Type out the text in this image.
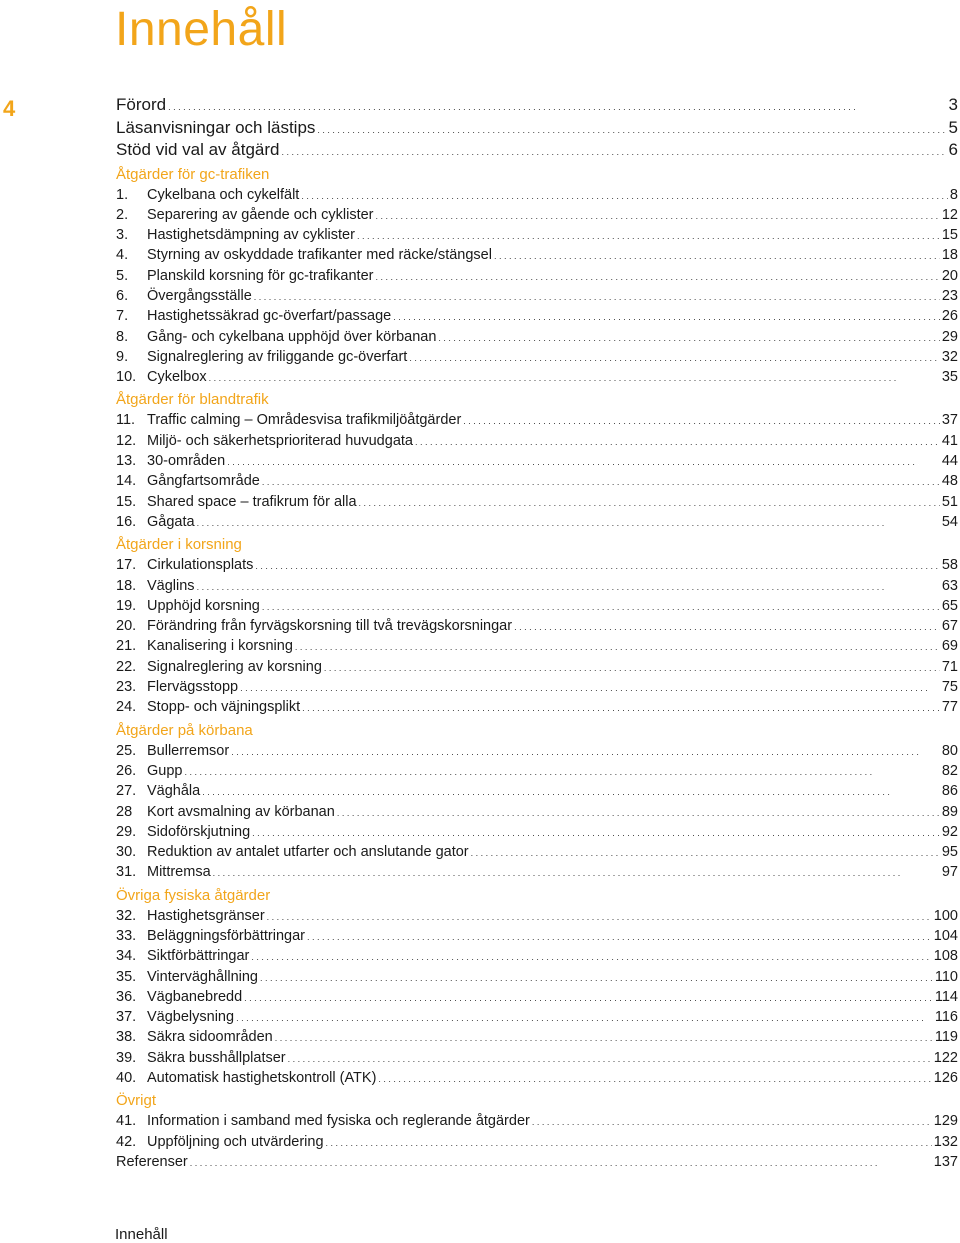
Innehåll
4	Förord . . .	3
Läsanvisningar och lästips . . .	5
Stöd vid val av åtgärd . . .	6
Åtgärder för gc-trafiken
1.	Cykelbana och cykelfält . . .	8
2.	Separering av gående och cyklister . . .	12
3.	Hastighetsdämpning av cyklister . . .	15
4.	Styrning av oskyddade trafikanter med räcke/stängsel . . .	18
5.	Planskild korsning för gc-trafikanter . . .	20
6.	Övergångsställe . . .	23
7.	Hastighetssäkrad gc-överfart/passage . . .	26
8.	Gång- och cykelbana upphöjd över körbanan . . .	29
9.	Signalreglering av friliggande gc-överfart . . .	32
10. Cykelbox . . .	35
Åtgärder för blandtrafik
11. Traffic calming – Områdesvisa trafikmiljöåtgärder . . .	37
12. Miljö- och säkerhetsprioriterad huvudgata . . .	41
13. 30-områden . . .	44
14. Gångfartsområde . . .	48
15. Shared space – trafikrum för alla . . .	51
16. Gågata . . .	54
Åtgärder i korsning
17. Cirkulationsplats . . .	58
18. Väglins . . .	63
19. Upphöjd korsning . . .	65
20. Förändring från fyrvägskorsning till två trevägskorsningar . . .	67
21. Kanalisering i korsning . . .	69
22. Signalreglering av korsning . . .	71
23. Flervägsstopp . . .	75
24. Stopp- och väjningsplikt . . .	77
Åtgärder på körbana
25. Bullerremsor . . .	80
26. Gupp . . .	82
27. Väghåla . . .	86
28	Kort avsmalning av körbanan . . .	89
29. Sidoförskjutning . . .	92
30. Reduktion av antalet utfarter och anslutande gator . . .	95
31. Mittremsa . . .	97
Övriga fysiska åtgärder
32. Hastighetsgränser . . .	100
33. Beläggningsförbättringar . . .	104
34. Siktförbättringar . . .	108
35. Vinterväghållning . . .	110
36. Vägbanebredd . . .	114
37. Vägbelysning . . .	116
38. Säkra sidoområden . . .	119
39. Säkra busshållplatser . . .	122
40. Automatisk hastighetskontroll (ATK) . . .	126
Övrigt
41. Information i samband med fysiska och reglerande åtgärder . . .	129
42. Uppföljning och utvärdering . . .	132
Referenser . . .	137
Innehåll
